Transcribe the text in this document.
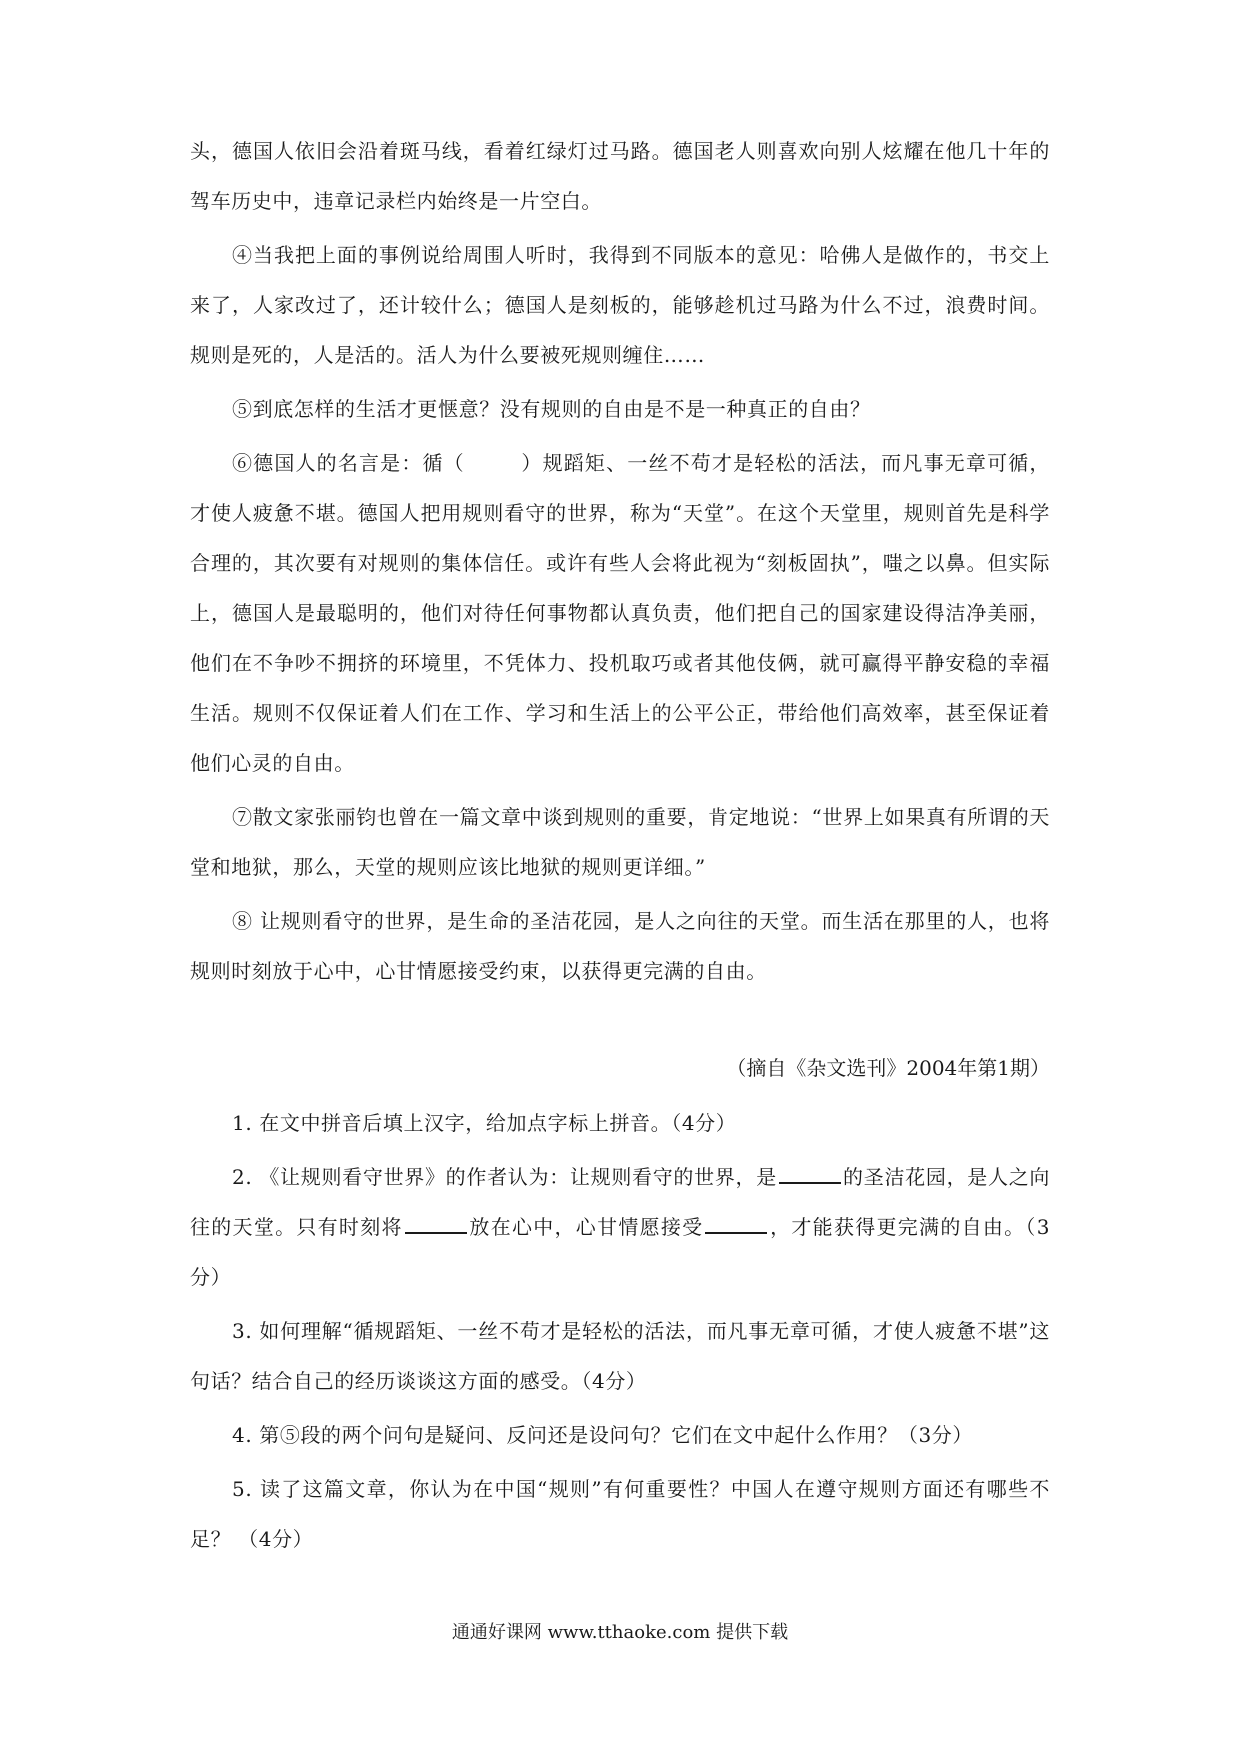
头，德国人依旧会沿着斑马线，看着红绿灯过马路。德国老人则喜欢向别人炫耀在他几十年的驾车历史中，违章记录栏内始终是一片空白。

④当我把上面的事例说给周围人听时，我得到不同版本的意见：哈佛人是做作的，书交上来了，人家改过了，还计较什么；德国人是刻板的，能够趁机过马路为什么不过，浪费时间。规则是死的，人是活的。活人为什么要被死规则缠住……

⑤到底怎样的生活才更惬意？没有规则的自由是不是一种真正的自由？

⑥德国人的名言是：循（	）规蹈矩、一丝不苟才是轻松的活法，而凡事无章可循，才使人疲惫不堪。德国人把用规则看守的世界，称为“天堂”。在这个天堂里，规则首先是科学合理的，其次要有对规则的集体信任。或许有些人会将此视为“刻板固执”，嗤之以鼻。但实际上，德国人是最聪明的，他们对待任何事物都认真负责，他们把自己的国家建设得洁净美丽，他们在不争吵不拥挤的环境里，不凭体力、投机取巧或者其他伎俩，就可赢得平静安稳的幸福生活。规则不仅保证着人们在工作、学习和生活上的公平公正，带给他们高效率，甚至保证着他们心灵的自由。

⑦散文家张丽钧也曾在一篇文章中谈到规则的重要，肯定地说：“世界上如果真有所谓的天堂和地狱，那么，天堂的规则应该比地狱的规则更详细。”

⑧ 让规则看守的世界，是生命的圣洁花园，是人之向往的天堂。而生活在那里的人，也将规则时刻放于心中，心甘情愿接受约束，以获得更完满的自由。

（摘自《杂文选刊》2004年第1期）

1. 在文中拼音后填上汉字，给加点字标上拼音。（4分）

2. 《让规则看守世界》的作者认为：让规则看守的世界，是	的圣洁花园，是人之向往的天堂。只有时刻将	放在心中，心甘情愿接受	，才能获得更完满的自由。（3分）

3. 如何理解“循规蹈矩、一丝不苟才是轻松的活法，而凡事无章可循，才使人疲惫不堪”这句话？结合自己的经历谈谈这方面的感受。（4分）

4. 第⑤段的两个问句是疑问、反问还是设问句？它们在文中起什么作用？（3分）

5. 读了这篇文章，你认为在中国“规则”有何重要性？中国人在遵守规则方面还有哪些不足？ （4分）

通通好课网 www.tthaoke.com 提供下载
